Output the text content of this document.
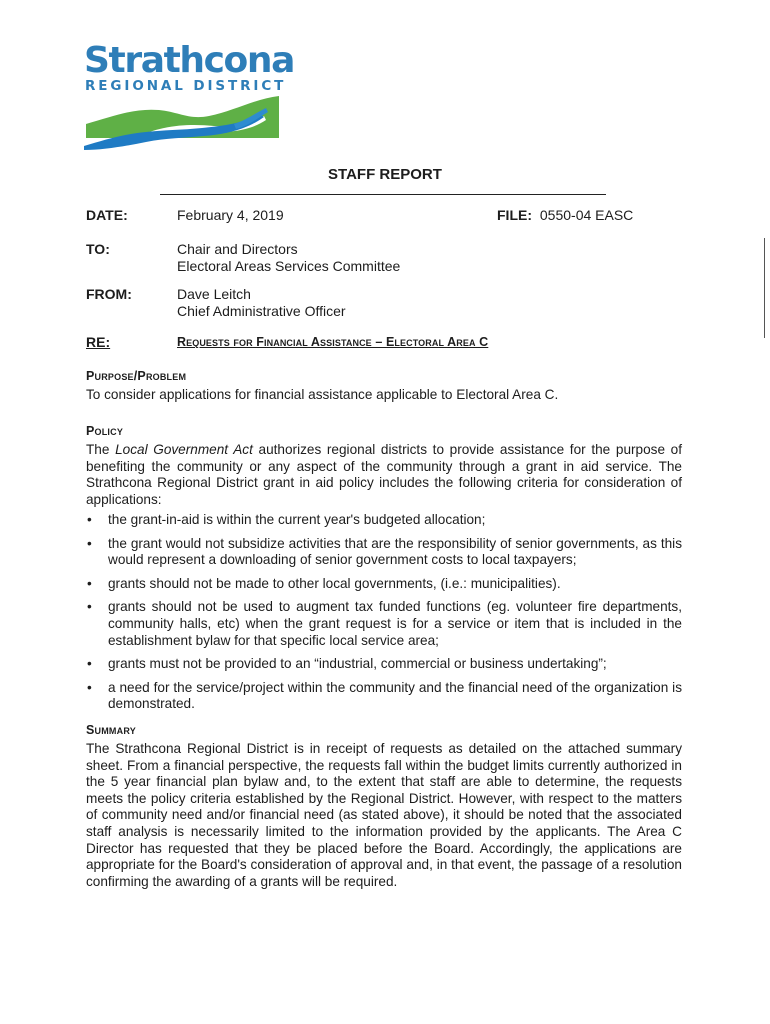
Strathcona
REGIONAL DISTRICT
STAFF REPORT
DATE:	February 4, 2019	FILE: 0550-04 EASC
TO:	Chair and Directors
Electoral Areas Services Committee
FROM:	Dave Leitch
Chief Administrative Officer
RE:	Requests for Financial Assistance – Electoral Area C
Purpose/Problem
To consider applications for financial assistance applicable to Electoral Area C.
Policy
The Local Government Act authorizes regional districts to provide assistance for the purpose of benefiting the community or any aspect of the community through a grant in aid service. The Strathcona Regional District grant in aid policy includes the following criteria for consideration of applications:
• the grant-in-aid is within the current year's budgeted allocation;
• the grant would not subsidize activities that are the responsibility of senior governments, as this would represent a downloading of senior government costs to local taxpayers;
• grants should not be made to other local governments, (i.e.: municipalities).
• grants should not be used to augment tax funded functions (eg. volunteer fire departments, community halls, etc) when the grant request is for a service or item that is included in the establishment bylaw for that specific local service area;
• grants must not be provided to an “industrial, commercial or business undertaking”;
• a need for the service/project within the community and the financial need of the organization is demonstrated.
Summary
The Strathcona Regional District is in receipt of requests as detailed on the attached summary sheet. From a financial perspective, the requests fall within the budget limits currently authorized in the 5 year financial plan bylaw and, to the extent that staff are able to determine, the requests meets the policy criteria established by the Regional District. However, with respect to the matters of community need and/or financial need (as stated above), it should be noted that the associated staff analysis is necessarily limited to the information provided by the applicants. The Area C Director has requested that they be placed before the Board. Accordingly, the applications are appropriate for the Board's consideration of approval and, in that event, the passage of a resolution confirming the awarding of a grants will be required.
